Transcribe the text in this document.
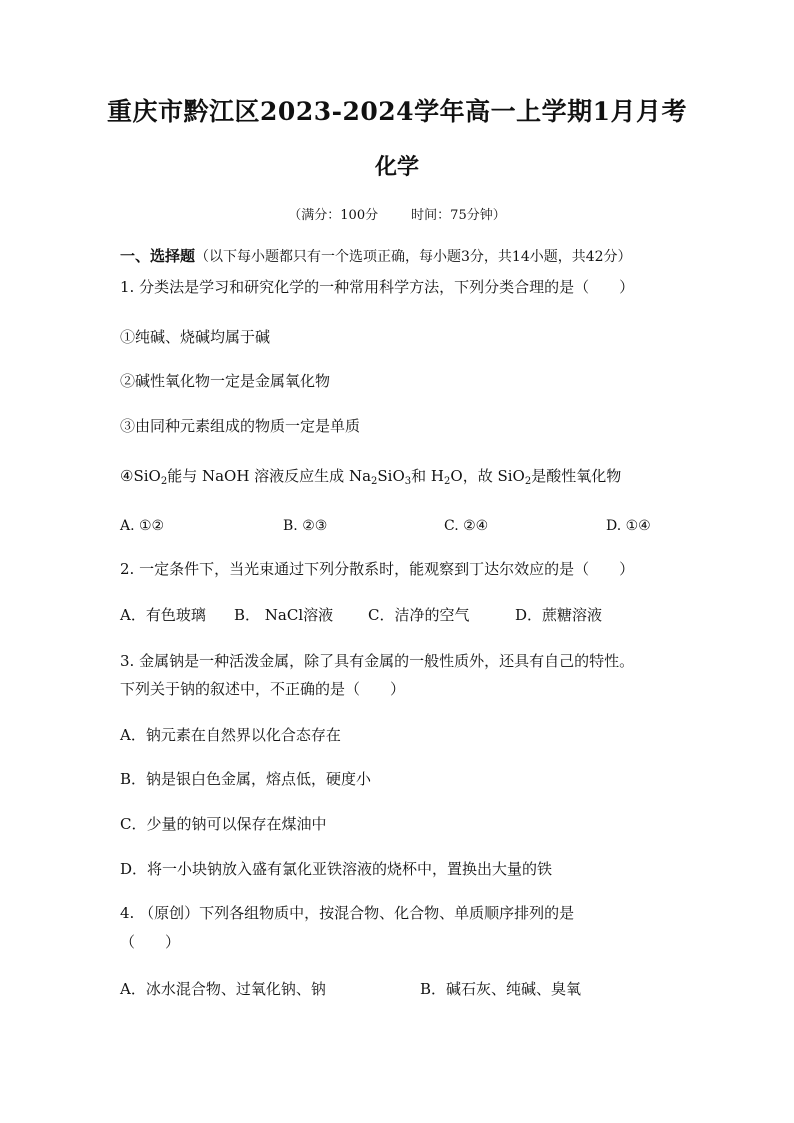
重庆市黔江区2023-2024学年高一上学期1月月考
化学
（满分：100分	时间：75分钟）
一、选择题（以下每小题都只有一个选项正确，每小题3分，共14小题，共42分）
1. 分类法是学习和研究化学的一种常用科学方法，下列分类合理的是（　　）
①纯碱、烧碱均属于碱
②碱性氧化物一定是金属氧化物
③由同种元素组成的物质一定是单质
④SiO$_2$能与 NaOH 溶液反应生成 $Na_2SiO_3$和 $H_2O$，故 SiO$_2$是酸性氧化物
A. ①②	B. ②③	C. ②④	D. ①④
2. 一定条件下，当光束通过下列分散系时，能观察到丁达尔效应的是（　　）
A．有色玻璃 B． NaCl溶液 C．洁净的空气	D．蔗糖溶液
3. 金属钠是一种活泼金属，除了具有金属的一般性质外，还具有自己的特性。
下列关于钠的叙述中，不正确的是（　　）
A．钠元素在自然界以化合态存在
B．钠是银白色金属，熔点低，硬度小
C．少量的钠可以保存在煤油中
D．将一小块钠放入盛有氯化亚铁溶液的烧杯中，置换出大量的铁
4. （原创）下列各组物质中，按混合物、化合物、单质顺序排列的是
（　　）
A．冰水混合物、过氧化钠、钠	B．碱石灰、纯碱、臭氧
